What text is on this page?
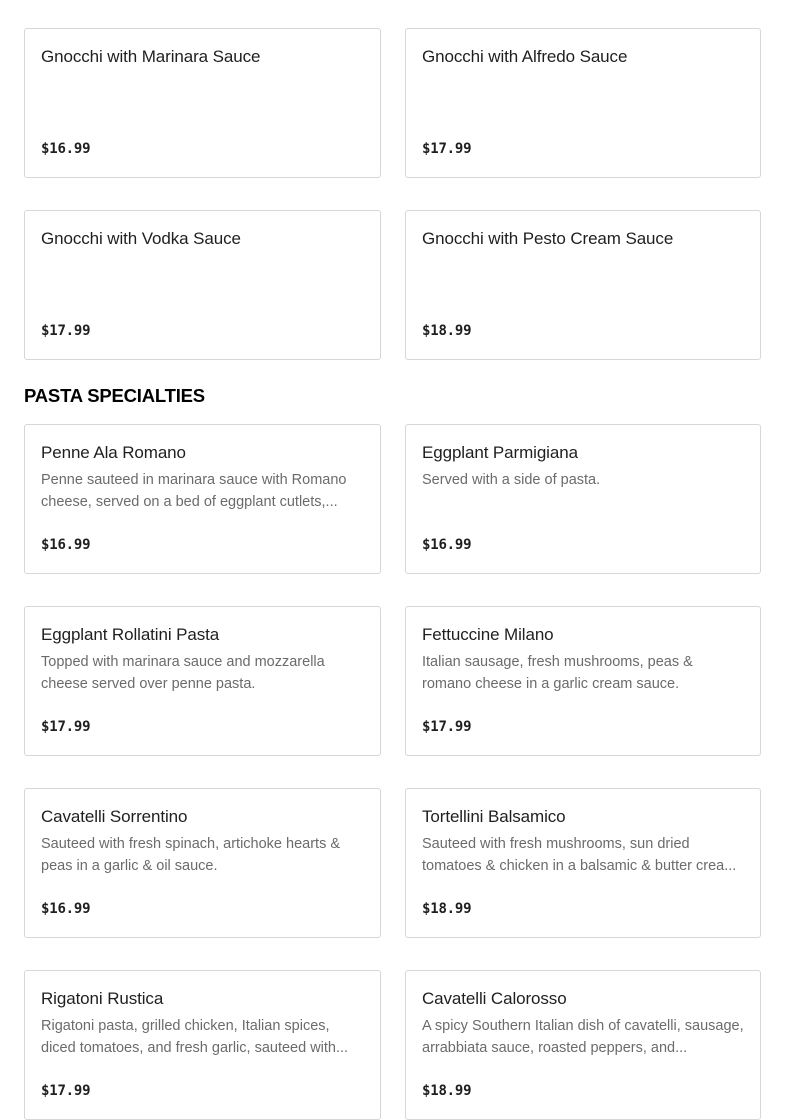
Gnocchi with Marinara Sauce
$16.99
Gnocchi with Alfredo Sauce
$17.99
Gnocchi with Vodka Sauce
$17.99
Gnocchi with Pesto Cream Sauce
$18.99
PASTA SPECIALTIES
Penne Ala Romano
Penne sauteed in marinara sauce with Romano cheese, served on a bed of eggplant cutlets,...
$16.99
Eggplant Parmigiana
Served with a side of pasta.
$16.99
Eggplant Rollatini Pasta
Topped with marinara sauce and mozzarella cheese served over penne pasta.
$17.99
Fettuccine Milano
Italian sausage, fresh mushrooms, peas & romano cheese in a garlic cream sauce.
$17.99
Cavatelli Sorrentino
Sauteed with fresh spinach, artichoke hearts & peas in a garlic & oil sauce.
$16.99
Tortellini Balsamico
Sauteed with fresh mushrooms, sun dried tomatoes & chicken in a balsamic & butter crea...
$18.99
Rigatoni Rustica
Rigatoni pasta, grilled chicken, Italian spices, diced tomatoes, and fresh garlic, sauteed with...
$17.99
Cavatelli Calorosso
A spicy Southern Italian dish of cavatelli, sausage, arrabbiata sauce, roasted peppers, and...
$18.99
